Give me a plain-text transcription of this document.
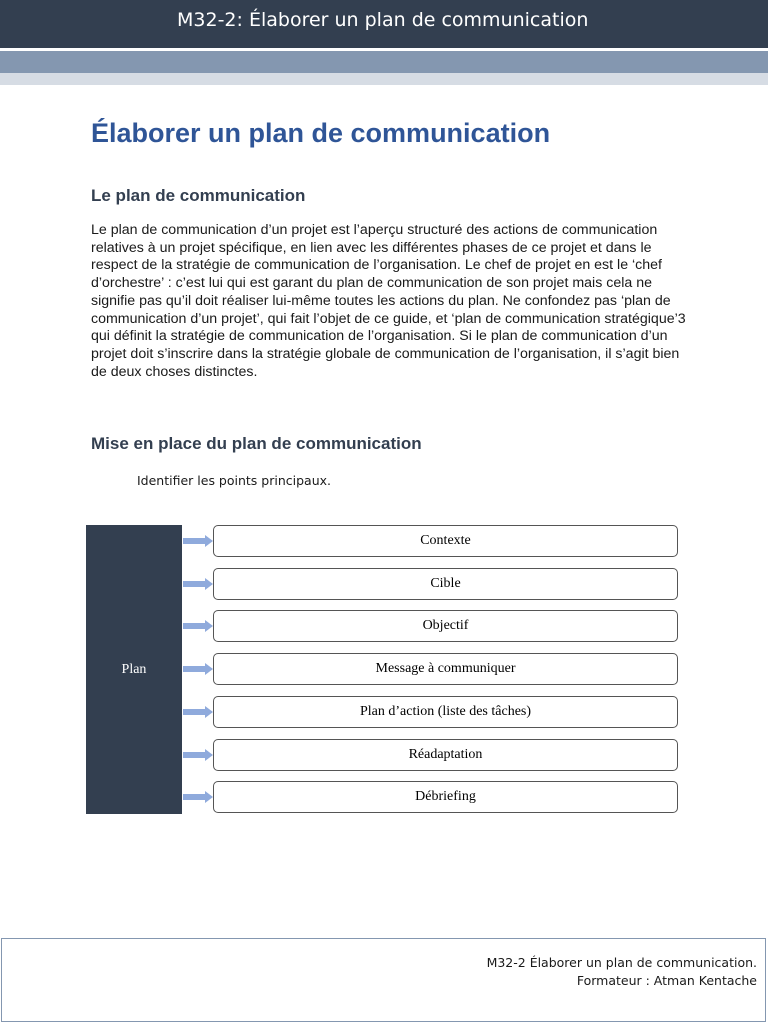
M32-2: Élaborer un plan de communication
Élaborer un plan de communication
Le plan de communication

Le plan de communication d’un projet est l’aperçu structuré des actions de communication relatives à un projet spécifique, en lien avec les différentes phases de ce projet et dans le respect de la stratégie de communication de l’organisation. Le chef de projet en est le ‘chef d’orchestre’ : c’est lui qui est garant du plan de communication de son projet mais cela ne signifie pas qu’il doit réaliser lui-même toutes les actions du plan. Ne confondez pas ‘plan de communication d’un projet’, qui fait l’objet de ce guide, et ‘plan de communication stratégique’3 qui définit la stratégie de communication de l’organisation. Si le plan de communication d’un projet doit s’inscrire dans la stratégie globale de communication de l’organisation, il s’agit bien de deux choses distinctes.

Mise en place du plan de communication

Identifier les points principaux.

Plan
Contexte
Cible
Objectif
Message à communiquer
Plan d’action (liste des tâches)
Réadaptation
Débriefing

M32-2 Élaborer un plan de communication.

Formateur : Atman Kentache
